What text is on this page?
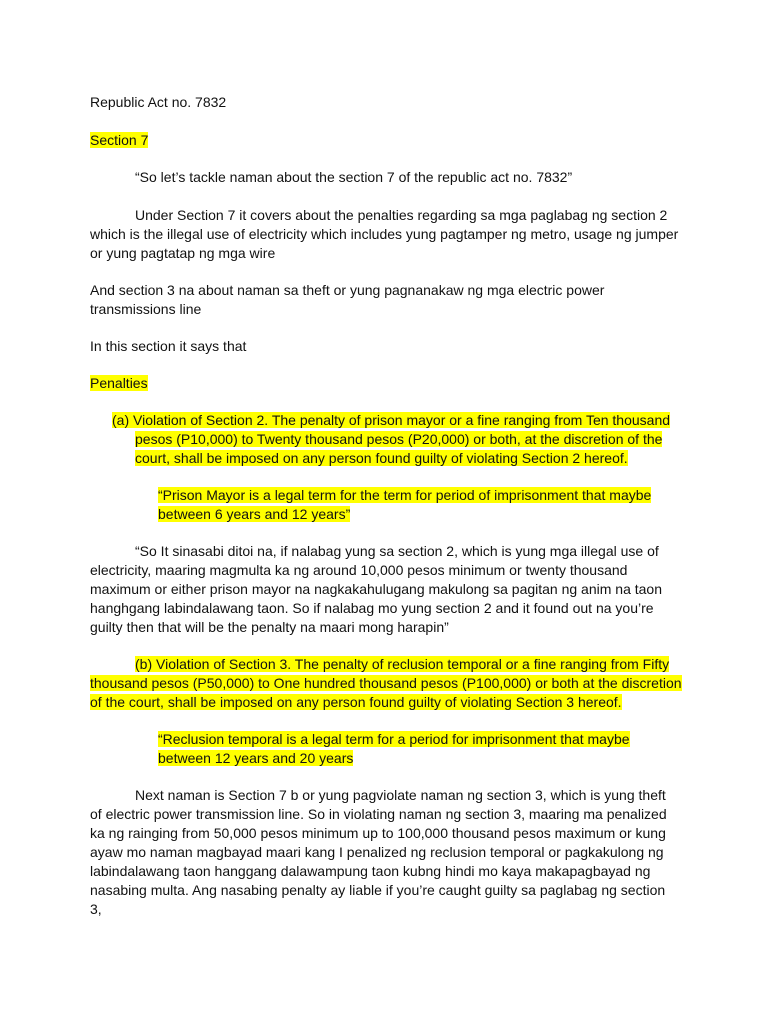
Republic Act no. 7832

Section 7

“So let’s tackle naman about the section 7 of the republic act no. 7832”

Under Section 7 it covers about the penalties regarding sa mga paglabag ng section 2 which is the illegal use of electricity which includes yung pagtamper ng metro, usage ng jumper or yung pagtatap ng mga wire

And section 3 na about naman sa theft or yung pagnanakaw ng mga electric power transmissions line

In this section it says that

Penalties

(a) Violation of Section 2. The penalty of prison mayor or a fine ranging from Ten thousand pesos (P10,000) to Twenty thousand pesos (P20,000) or both, at the discretion of the court, shall be imposed on any person found guilty of violating Section 2 hereof.

“Prison Mayor is a legal term for the term for period of imprisonment that maybe between 6 years and 12 years”

“So It sinasabi ditoi na, if nalabag yung sa section 2, which is yung mga illegal use of electricity, maaring magmulta ka ng around 10,000 pesos minimum or twenty thousand maximum or either prison mayor na nagkakahulugang makulong sa pagitan ng anim na taon hanghgang labindalawang taon. So if nalabag mo yung section 2 and it found out na you’re guilty then that will be the penalty na maari mong harapin”

(b) Violation of Section 3. The penalty of reclusion temporal or a fine ranging from Fifty thousand pesos (P50,000) to One hundred thousand pesos (P100,000) or both at the discretion of the court, shall be imposed on any person found guilty of violating Section 3 hereof.

“Reclusion temporal is a legal term for a period for imprisonment that maybe between 12 years and 20 years

Next naman is Section 7 b or yung pagviolate naman ng section 3, which is yung theft of electric power transmission line. So in violating naman ng section 3, maaring ma penalized ka ng rainging from 50,000 pesos minimum up to 100,000 thousand pesos maximum or kung ayaw mo naman magbayad maari kang I penalized ng reclusion temporal or pagkakulong ng labindalawang taon hanggang dalawampung taon kubng hindi mo kaya makapagbayad ng nasabing multa. Ang nasabing penalty ay liable if you’re caught guilty sa paglabag ng section 3,
